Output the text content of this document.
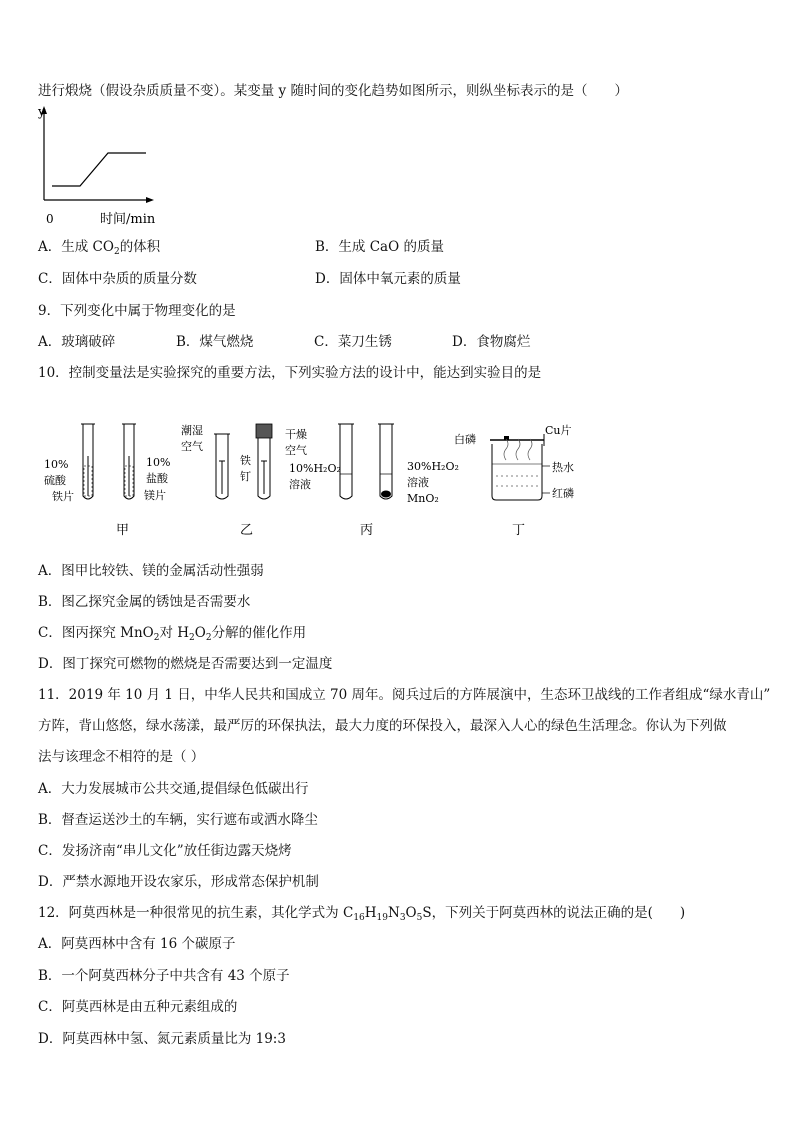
进行煅烧（假设杂质质量不变）。某变量 y 随时间的变化趋势如图所示，则纵坐标表示的是（　　）
y
0	时间/min
A．生成 $CO_2$的体积	B．生成 CaO 的质量
C．固体中杂质的质量分数	D．固体中氧元素的质量
9．下列变化中属于物理变化的是
A．玻璃破碎	B．煤气燃烧	C．菜刀生锈	D．食物腐烂
10．控制变量法是实验探究的重要方法，下列实验方法的设计中，能达到实验目的是
10%
硫酸
铁片
10%
盐酸
镁片
甲
潮湿
空气
铁
钉
干燥
空气
乙
10%H₂O₂
溶液
30%H₂O₂
溶液
MnO₂
丙
白磷
Cu片
热水
红磷
丁
A．图甲比较铁、镁的金属活动性强弱
B．图乙探究金属的锈蚀是否需要水
C．图丙探究 MnO$_2$对 $H_2O_2$分解的催化作用
D．图丁探究可燃物的燃烧是否需要达到一定温度
11．2019 年 10 月 1 日，中华人民共和国成立 70 周年。阅兵过后的方阵展演中，生态环卫战线的工作者组成“绿水青山”
方阵，背山悠悠，绿水荡漾，最严厉的环保执法，最大力度的环保投入，最深入人心的绿色生活理念。你认为下列做
法与该理念不相符的是（ ）
A．大力发展城市公共交通,提倡绿色低碳出行
B．督查运送沙土的车辆，实行遮布或洒水降尘
C．发扬济南“串儿文化”放任街边露天烧烤
D．严禁水源地开设农家乐，形成常态保护机制
12．阿莫西林是一种很常见的抗生素，其化学式为 $C_{16}H_{19}N_3O_5S$，下列关于阿莫西林的说法正确的是(　　)
A．阿莫西林中含有 16 个碳原子
B．一个阿莫西林分子中共含有 43 个原子
C．阿莫西林是由五种元素组成的
D．阿莫西林中氢、氮元素质量比为 19:3
